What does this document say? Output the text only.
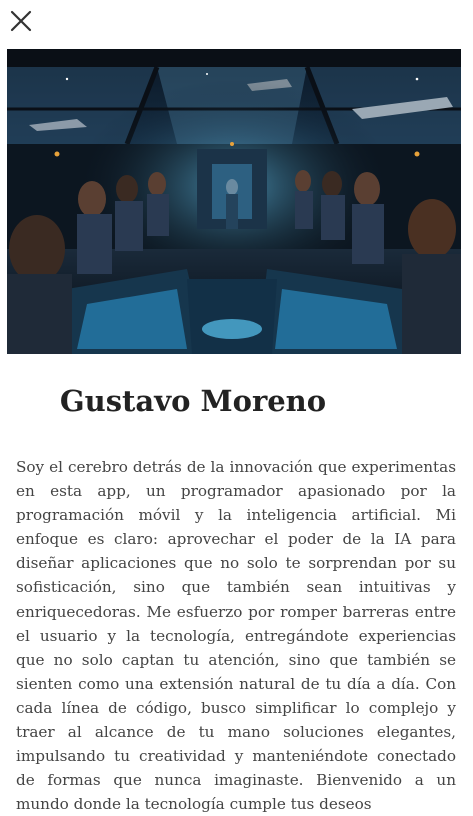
Gustavo Moreno

Soy el cerebro detrás de la innovación que experimentas en esta app, un programador apasionado por la programación móvil y la inteligencia artificial. Mi enfoque es claro: aprovechar el poder de la IA para diseñar aplicaciones que no solo te sorprendan por su sofisticación, sino que también sean intuitivas y enriquecedoras. Me esfuerzo por romper barreras entre el usuario y la tecnología, entregándote experiencias que no solo captan tu atención, sino que también se sienten como una extensión natural de tu día a día. Con cada línea de código, busco simplificar lo complejo y traer al alcance de tu mano soluciones elegantes, impulsando tu creatividad y manteniéndote conectado de formas que nunca imaginaste. Bienvenido a un mundo donde la tecnología cumple tus deseos
